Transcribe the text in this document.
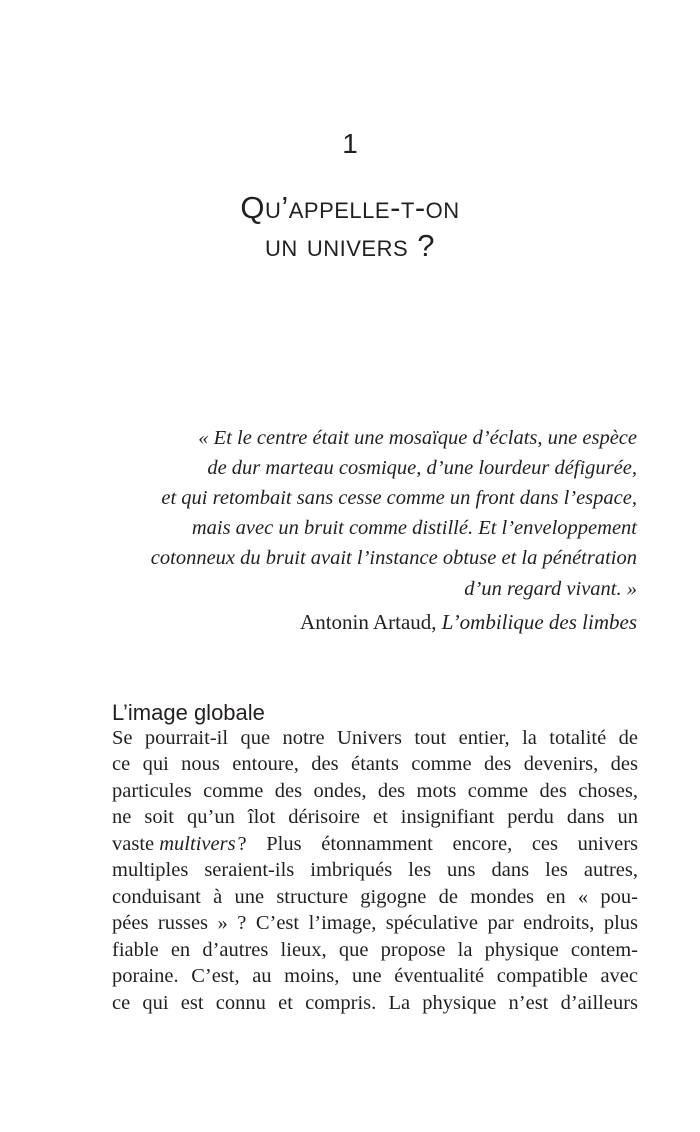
1
Qu’appelle-t-on
un univers ?
« Et le centre était une mosaïque d’éclats, une espèce
de dur marteau cosmique, d’une lourdeur défigurée,
et qui retombait sans cesse comme un front dans l’espace,
mais avec un bruit comme distillé. Et l’enveloppement
cotonneux du bruit avait l’instance obtuse et la pénétration
d’un regard vivant. »
Antonin Artaud, L’ombilique des limbes
L’image globale
Se pourrait-il que notre Univers tout entier, la totalité de
ce qui nous entoure, des étants comme des devenirs, des
particules comme des ondes, des mots comme des choses,
ne soit qu’un îlot dérisoire et insignifiant perdu dans un
vaste multivers ? Plus étonnamment encore, ces univers
multiples seraient-ils imbriqués les uns dans les autres,
conduisant à une structure gigogne de mondes en « pou-
pées russes » ? C’est l’image, spéculative par endroits, plus
fiable en d’autres lieux, que propose la physique contem-
poraine. C’est, au moins, une éventualité compatible avec
ce qui est connu et compris. La physique n’est d’ailleurs
